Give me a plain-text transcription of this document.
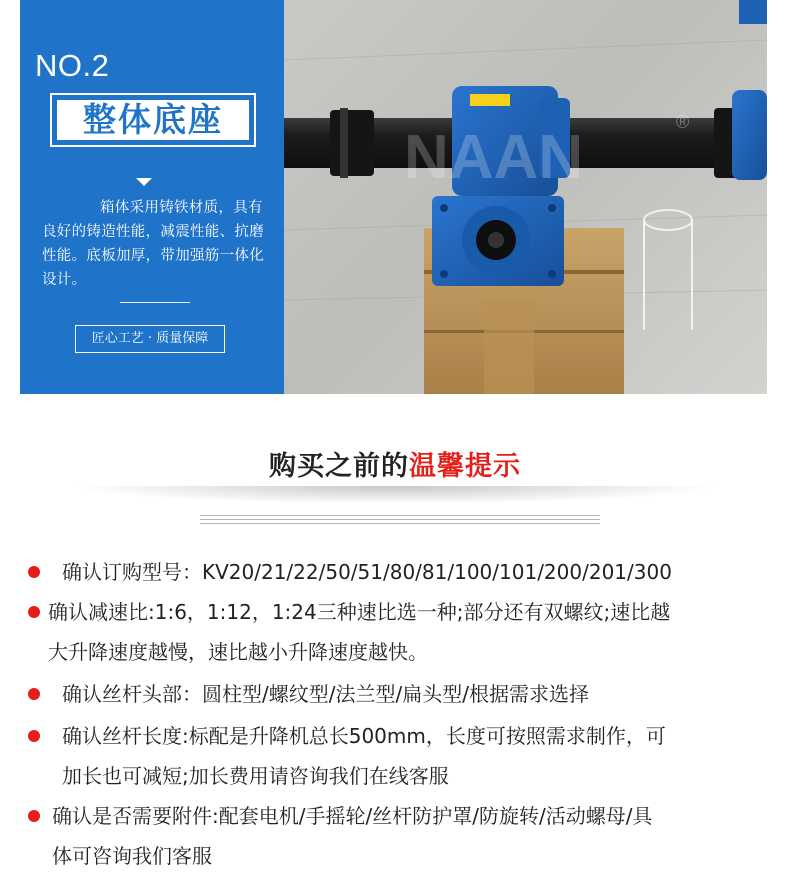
NO.2
整体底座
箱体采用铸铁材质，具有良好的铸造性能，减震性能、抗磨性能。底板加厚，带加强筋一体化设计。
匠心工艺 · 质量保障
NAAN
®
购买之前的温馨提示
确认订购型号：KV20/21/22/50/51/80/81/100/101/200/201/300
确认减速比:1:6，1:12，1:24三种速比选一种;部分还有双螺纹;速比越
大升降速度越慢，速比越小升降速度越快。
确认丝杆头部：圆柱型/螺纹型/法兰型/扁头型/根据需求选择
确认丝杆长度:标配是升降机总长500mm，长度可按照需求制作，可
加长也可减短;加长费用请咨询我们在线客服
确认是否需要附件:配套电机/手摇轮/丝杆防护罩/防旋转/活动螺母/具
体可咨询我们客服
